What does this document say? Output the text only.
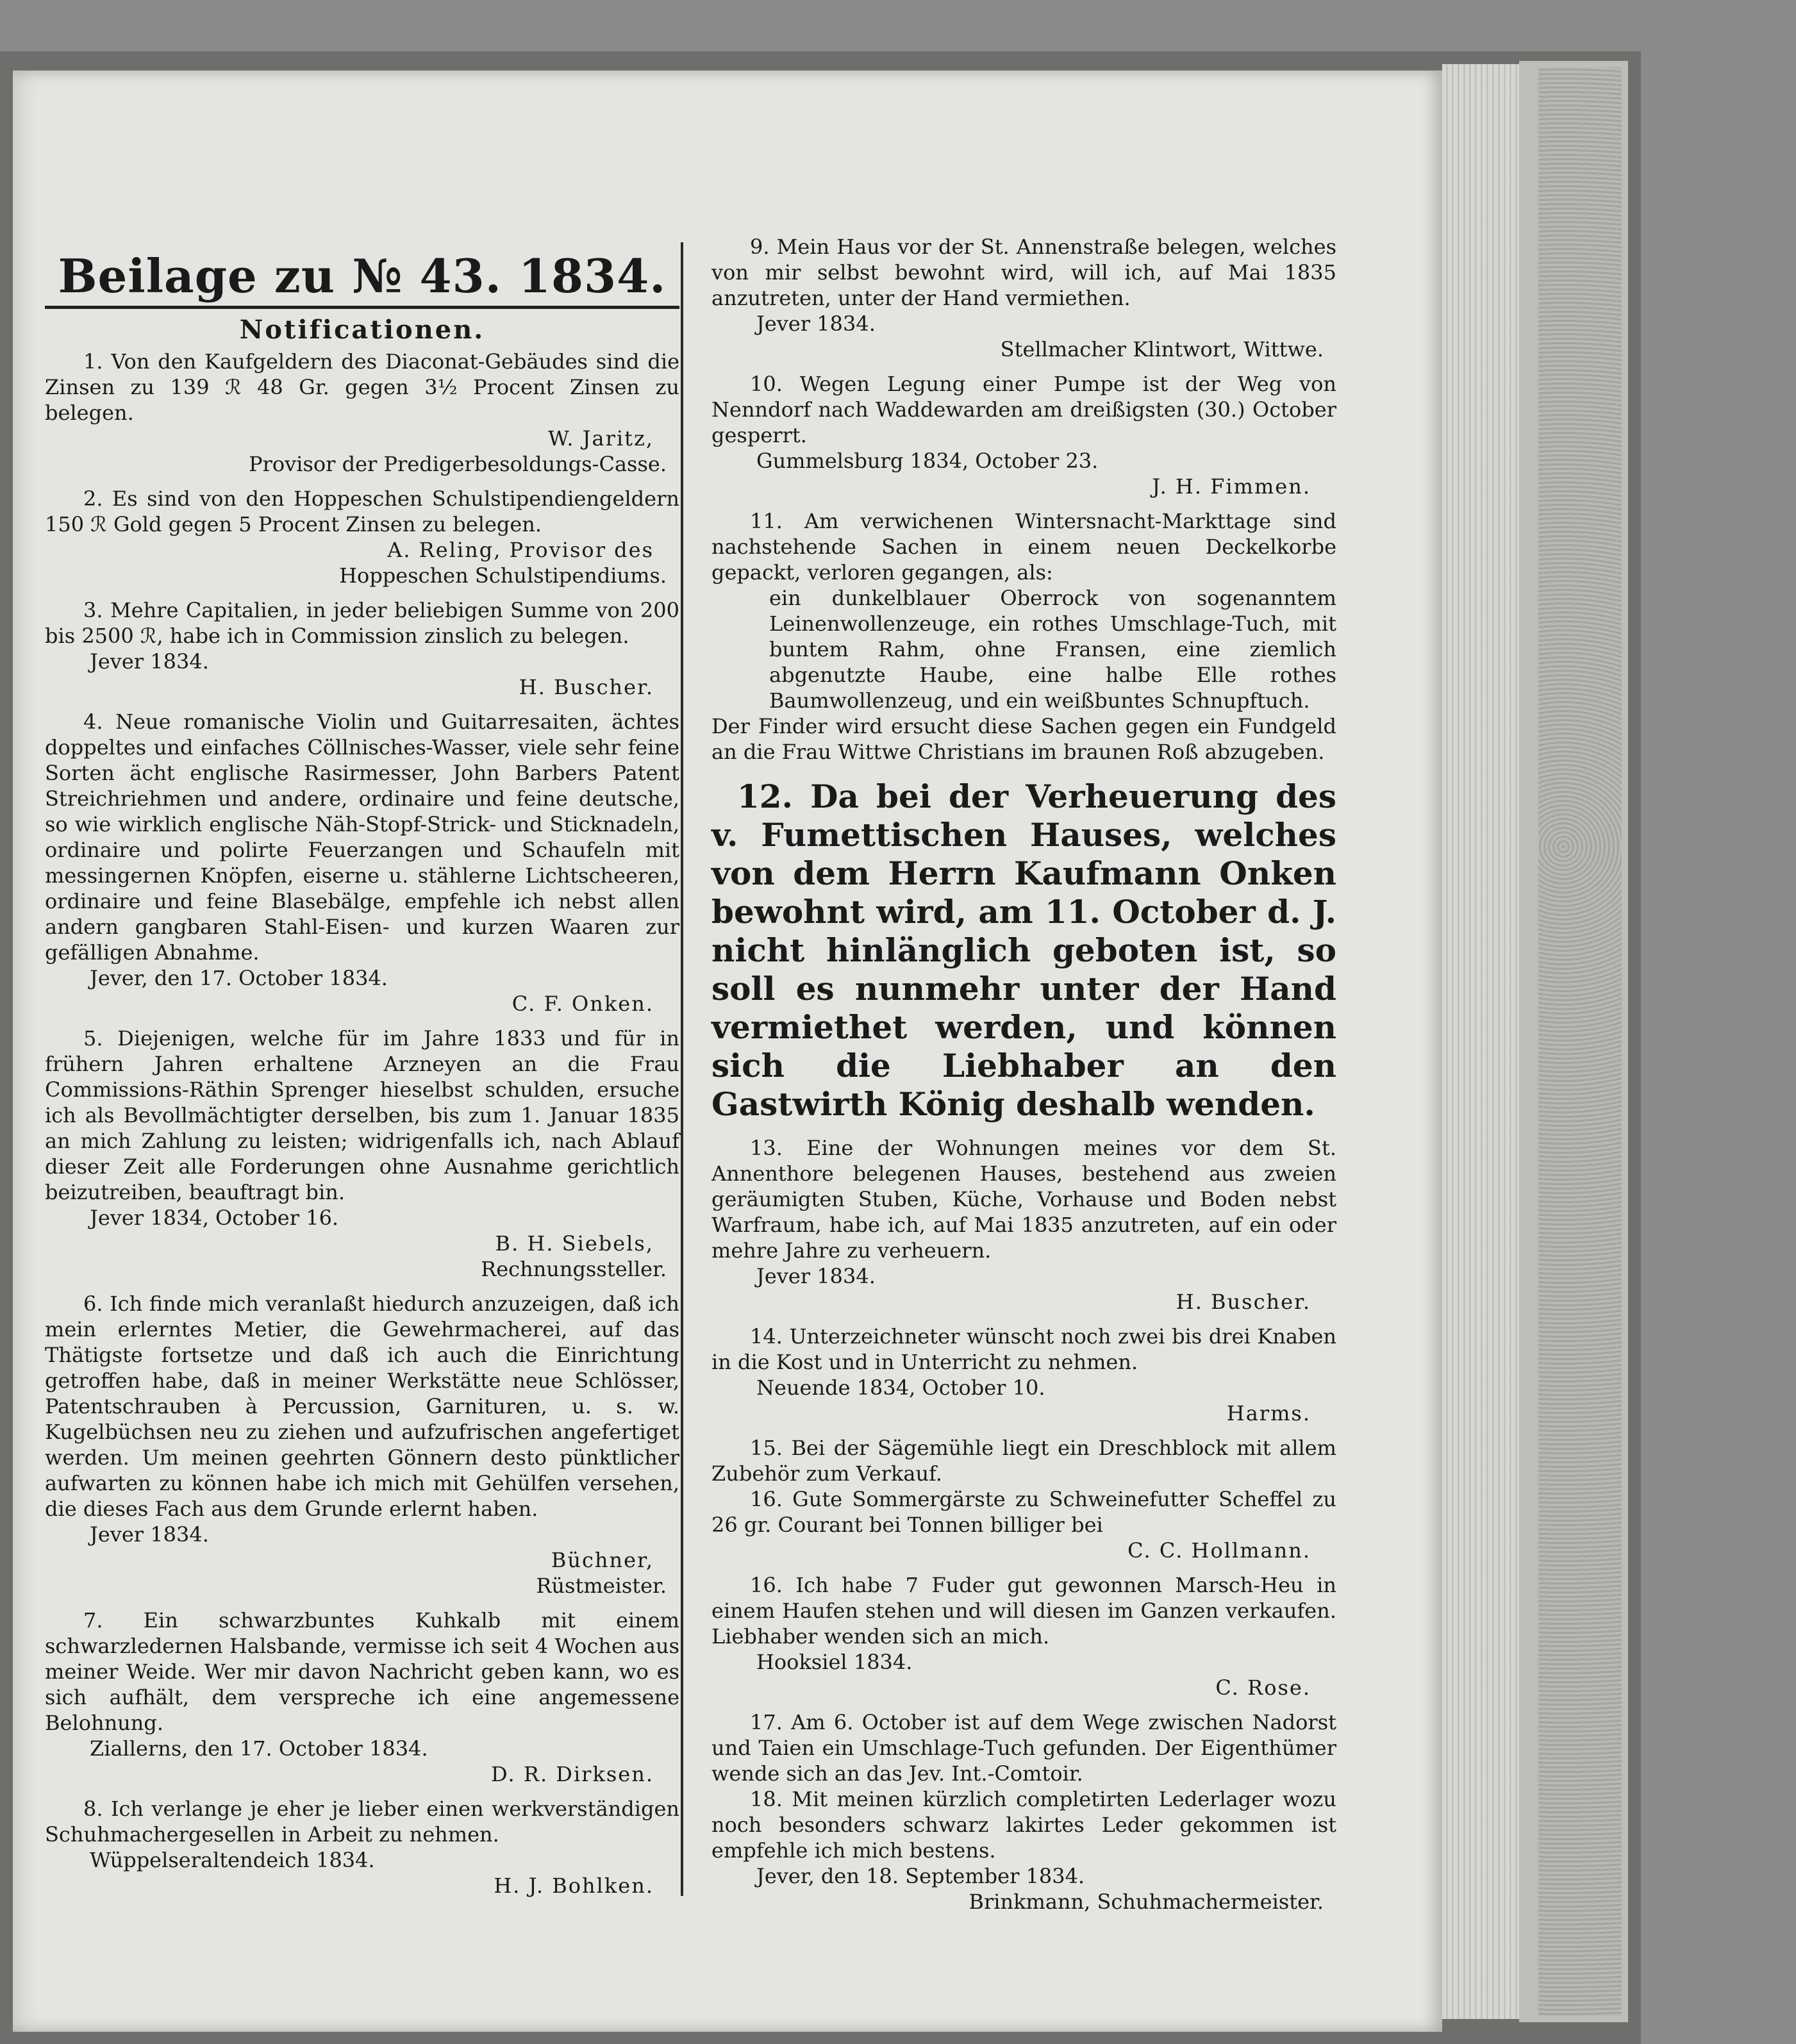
Beilage zu № 43. 1834.
Notificationen.

1. Von den Kaufgeldern des Diaconat-Gebäudes sind die Zinsen zu 139 ℛ 48 Gr. gegen 3½ Procent Zinsen zu belegen.

W. Jaritz,

Provisor der Predigerbesoldungs-Casse.

2. Es sind von den Hoppeschen Schulstipendiengeldern 150 ℛ Gold gegen 5 Procent Zinsen zu belegen.

A. Reling, Provisor des

Hoppeschen Schulstipendiums.

3. Mehre Capitalien, in jeder beliebigen Summe von 200 bis 2500 ℛ, habe ich in Commission zinslich zu belegen.

Jever 1834.

H. Buscher.

4. Neue romanische Violin und Guitarresaiten, ächtes doppeltes und einfaches Cöllnisches-Wasser, viele sehr feine Sorten ächt englische Rasirmesser, John Barbers Patent Streichriehmen und andere, ordinaire und feine deutsche, so wie wirklich englische Näh-Stopf-Strick- und Sticknadeln, ordinaire und polirte Feuerzangen und Schaufeln mit messingernen Knöpfen, eiserne u. stählerne Lichtscheeren, ordinaire und feine Blasebälge, empfehle ich nebst allen andern gangbaren Stahl-Eisen- und kurzen Waaren zur gefälligen Abnahme.

Jever, den 17. October 1834.

C. F. Onken.

5. Diejenigen, welche für im Jahre 1833 und für in frühern Jahren erhaltene Arzneyen an die Frau Commissions-Räthin Sprenger hieselbst schulden, ersuche ich als Bevollmächtigter derselben, bis zum 1. Januar 1835 an mich Zahlung zu leisten; widrigenfalls ich, nach Ablauf dieser Zeit alle Forderungen ohne Ausnahme gerichtlich beizutreiben, beauftragt bin.

Jever 1834, October 16.

B. H. Siebels,

Rechnungssteller.

6. Ich finde mich veranlaßt hiedurch anzuzeigen, daß ich mein erlerntes Metier, die Gewehrmacherei, auf das Thätigste fortsetze und daß ich auch die Einrichtung getroffen habe, daß in meiner Werkstätte neue Schlösser, Patentschrauben à Percussion, Garnituren, u. s. w. Kugelbüchsen neu zu ziehen und aufzufrischen angefertiget werden. Um meinen geehrten Gönnern desto pünktlicher aufwarten zu können habe ich mich mit Gehülfen versehen, die dieses Fach aus dem Grunde erlernt haben.

Jever 1834.

Büchner,

Rüstmeister.

7. Ein schwarzbuntes Kuhkalb mit einem schwarzledernen Halsbande, vermisse ich seit 4 Wochen aus meiner Weide. Wer mir davon Nachricht geben kann, wo es sich aufhält, dem verspreche ich eine angemessene Belohnung.

Ziallerns, den 17. October 1834.

D. R. Dirksen.

8. Ich verlange je eher je lieber einen werkverständigen Schuhmachergesellen in Arbeit zu nehmen.

Wüppelseraltendeich 1834.

H. J. Bohlken.

9. Mein Haus vor der St. Annenstraße belegen, welches von mir selbst bewohnt wird, will ich, auf Mai 1835 anzutreten, unter der Hand vermiethen.

Jever 1834.

Stellmacher Klintwort, Wittwe.

10. Wegen Legung einer Pumpe ist der Weg von Nenndorf nach Waddewarden am dreißigsten (30.) October gesperrt.

Gummelsburg 1834, October 23.

J. H. Fimmen.

11. Am verwichenen Wintersnacht-Markttage sind nachstehende Sachen in einem neuen Deckelkorbe gepackt, verloren gegangen, als:

ein dunkelblauer Oberrock von sogenanntem Leinenwollenzeuge, ein rothes Umschlage-Tuch, mit buntem Rahm, ohne Fransen, eine ziemlich abgenutzte Haube, eine halbe Elle rothes Baumwollenzeug, und ein weißbuntes Schnupftuch.

Der Finder wird ersucht diese Sachen gegen ein Fundgeld an die Frau Wittwe Christians im braunen Roß abzugeben.

12. Da bei der Verheuerung des v. Fumettischen Hauses, welches von dem Herrn Kaufmann Onken bewohnt wird, am 11. October d. J. nicht hinlänglich geboten ist, so soll es nunmehr unter der Hand vermiethet werden, und können sich die Liebhaber an den Gastwirth König deshalb wenden.

13. Eine der Wohnungen meines vor dem St. Annenthore belegenen Hauses, bestehend aus zweien geräumigten Stuben, Küche, Vorhause und Boden nebst Warfraum, habe ich, auf Mai 1835 anzutreten, auf ein oder mehre Jahre zu verheuern.

Jever 1834.

H. Buscher.

14. Unterzeichneter wünscht noch zwei bis drei Knaben in die Kost und in Unterricht zu nehmen.

Neuende 1834, October 10.

Harms.

15. Bei der Sägemühle liegt ein Dreschblock mit allem Zubehör zum Verkauf.

16. Gute Sommergärste zu Schweinefutter Scheffel zu 26 gr. Courant bei Tonnen billiger bei

C. C. Hollmann.

16. Ich habe 7 Fuder gut gewonnen Marsch-Heu in einem Haufen stehen und will diesen im Ganzen verkaufen. Liebhaber wenden sich an mich.

Hooksiel 1834.

C. Rose.

17. Am 6. October ist auf dem Wege zwischen Nadorst und Taien ein Umschlage-Tuch gefunden. Der Eigenthümer wende sich an das Jev. Int.-Comtoir.

18. Mit meinen kürzlich completirten Lederlager wozu noch besonders schwarz lakirtes Leder gekommen ist empfehle ich mich bestens.

Jever, den 18. September 1834.

Brinkmann, Schuhmachermeister.
